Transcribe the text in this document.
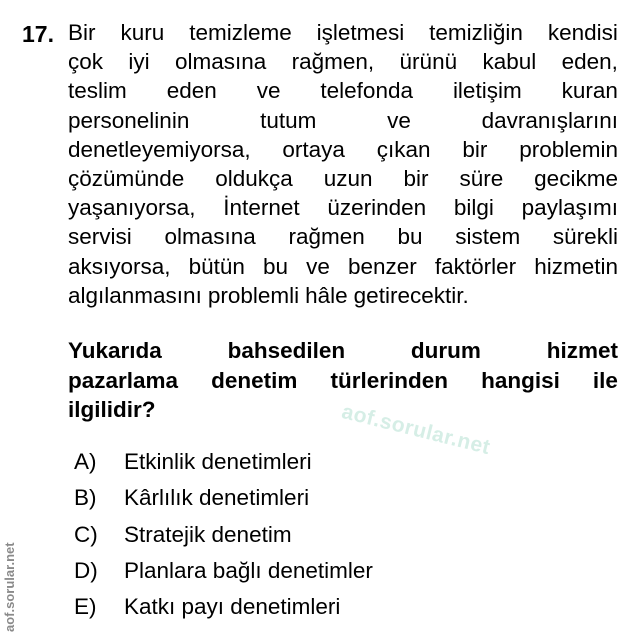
17. Bir kuru temizleme işletmesi temizliğin kendisi
çok iyi olmasına rağmen, ürünü kabul eden,
teslim eden ve telefonda iletişim kuran
personelinin	tutum	ve	davranışlarını
denetleyemiyorsa, ortaya çıkan bir problemin
çözümünde oldukça uzun bir süre gecikme
yaşanıyorsa, İnternet üzerinden bilgi paylaşımı
servisi olmasına rağmen bu sistem sürekli
aksıyorsa, bütün bu ve benzer faktörler hizmetin
algılanmasını problemli hâle getirecektir.
Yukarıda	bahsedilen	durum	hizmet
pazarlama denetim türlerinden hangisi ile
ilgilidir?
A)	Etkinlik denetimleri
B)	Kârlılık denetimleri
C)	Stratejik denetim
D)	Planlara bağlı denetimler
E)	Katkı payı denetimleri
aof.sorular.net
aof.sorular.net
